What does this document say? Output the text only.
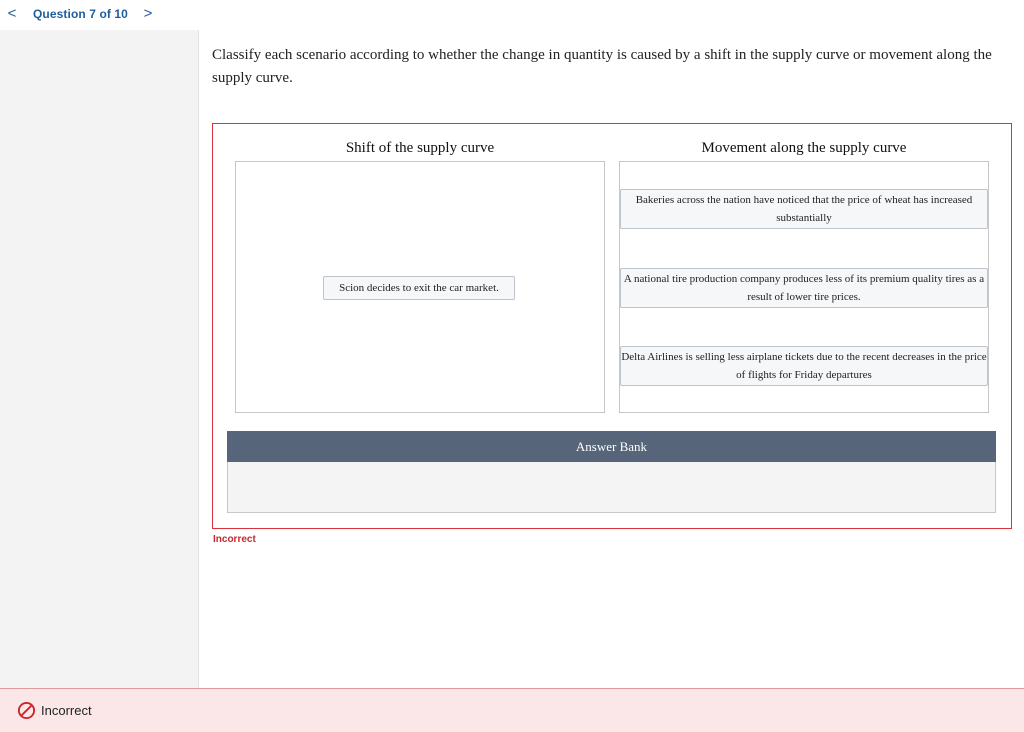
<	Question 7 of 10 >

Classify each scenario according to whether the change in quantity is caused by a shift in the supply curve or movement along the supply curve.

Shift of the supply curve	Movement along the supply curve
Scion decides to exit the car market.
Bakeries across the nation have noticed that the price of wheat has increased substantially
A national tire production company produces less of its premium quality tires as a result of lower tire prices.
Delta Airlines is selling less airplane tickets due to the recent decreases in the price of flights for Friday departures
Answer Bank
Incorrect
Incorrect
